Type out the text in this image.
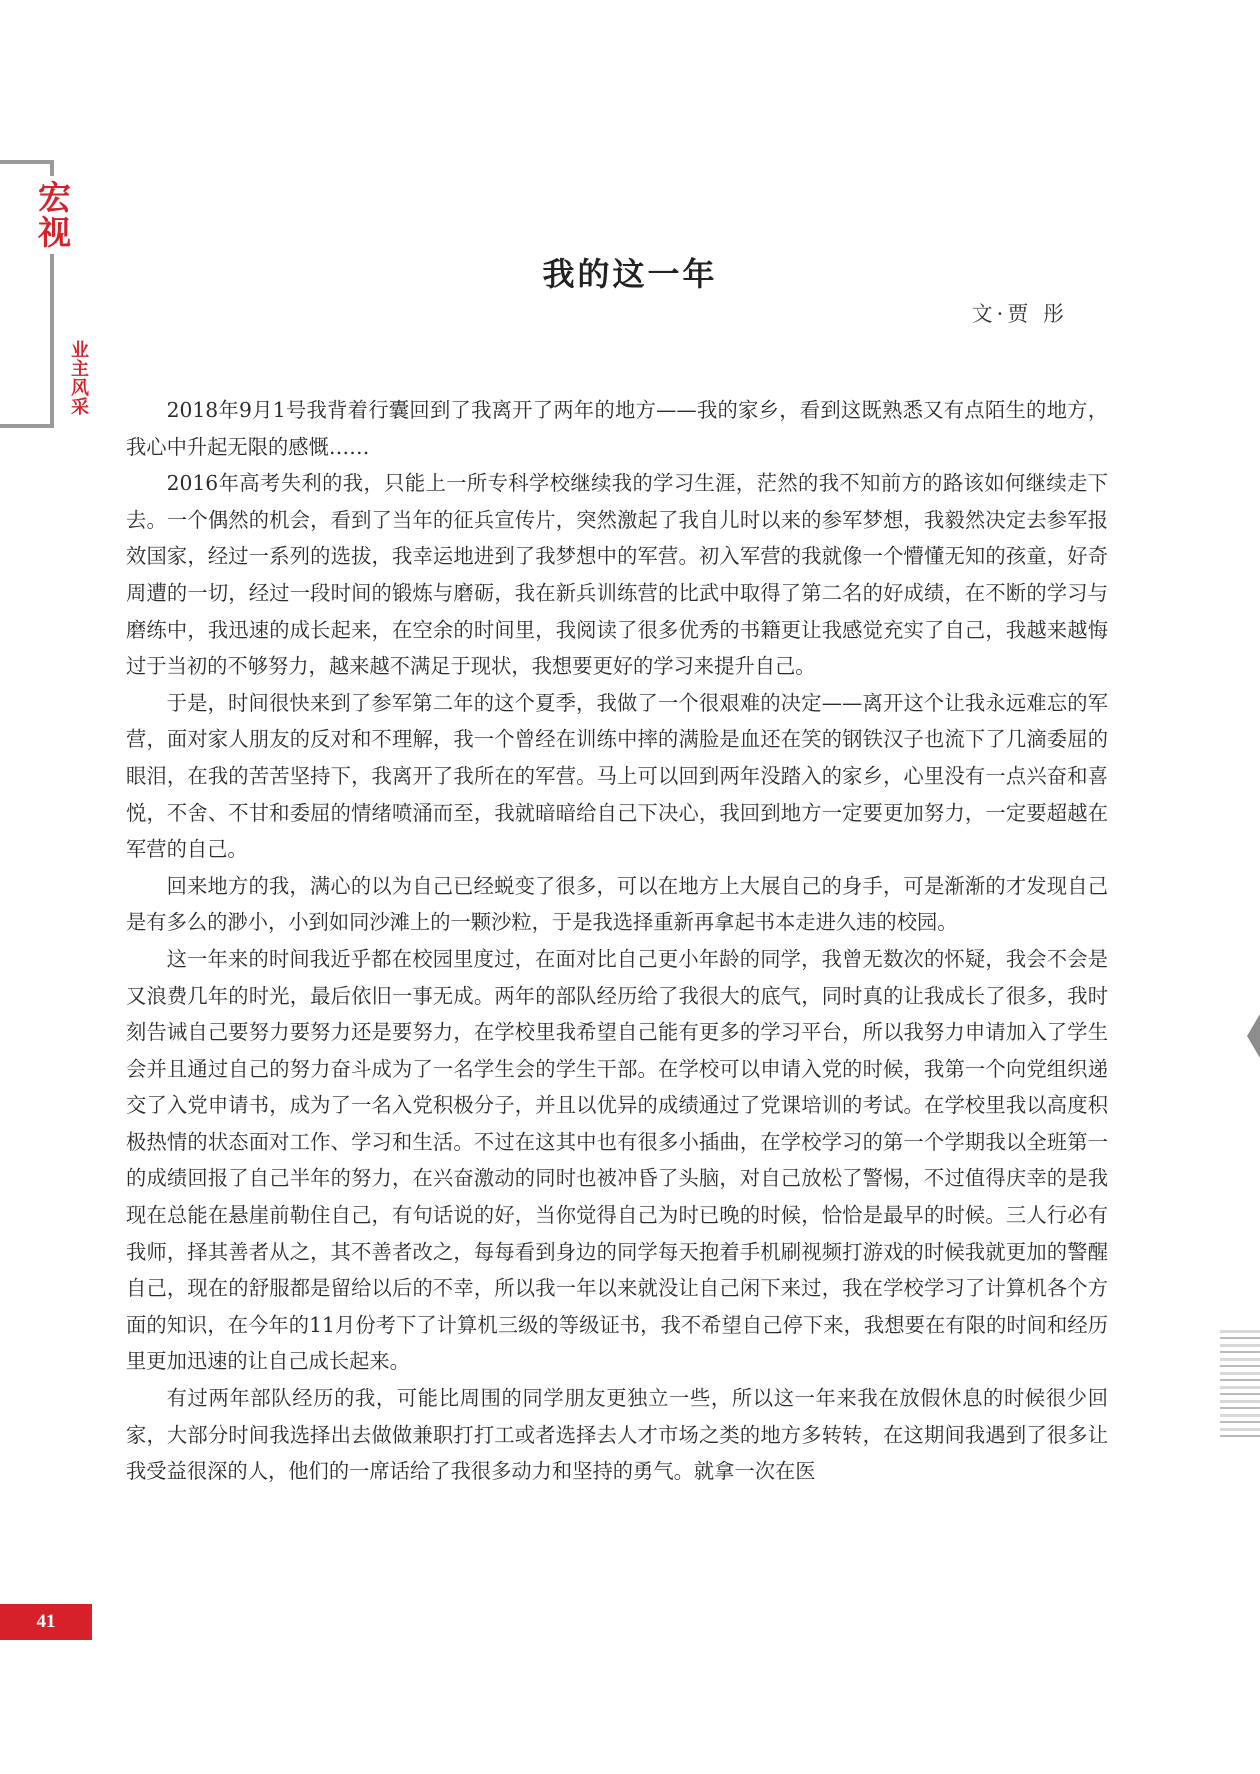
宏视
业主风采
我的这一年
文·贾 彤

2018年9月1号我背着行囊回到了我离开了两年的地方——我的家乡，看到这既熟悉又有点陌生的地方，我心中升起无限的感慨……

2016年高考失利的我，只能上一所专科学校继续我的学习生涯，茫然的我不知前方的路该如何继续走下去。一个偶然的机会，看到了当年的征兵宣传片，突然激起了我自儿时以来的参军梦想，我毅然决定去参军报效国家，经过一系列的选拔，我幸运地进到了我梦想中的军营。初入军营的我就像一个懵懂无知的孩童，好奇周遭的一切，经过一段时间的锻炼与磨砺，我在新兵训练营的比武中取得了第二名的好成绩，在不断的学习与磨练中，我迅速的成长起来，在空余的时间里，我阅读了很多优秀的书籍更让我感觉充实了自己，我越来越悔过于当初的不够努力，越来越不满足于现状，我想要更好的学习来提升自己。

于是，时间很快来到了参军第二年的这个夏季，我做了一个很艰难的决定——离开这个让我永远难忘的军营，面对家人朋友的反对和不理解，我一个曾经在训练中摔的满脸是血还在笑的钢铁汉子也流下了几滴委屈的眼泪，在我的苦苦坚持下，我离开了我所在的军营。马上可以回到两年没踏入的家乡，心里没有一点兴奋和喜悦，不舍、不甘和委屈的情绪喷涌而至，我就暗暗给自己下决心，我回到地方一定要更加努力，一定要超越在军营的自己。

回来地方的我，满心的以为自己已经蜕变了很多，可以在地方上大展自己的身手，可是渐渐的才发现自己是有多么的渺小，小到如同沙滩上的一颗沙粒，于是我选择重新再拿起书本走进久违的校园。

这一年来的时间我近乎都在校园里度过，在面对比自己更小年龄的同学，我曾无数次的怀疑，我会不会是又浪费几年的时光，最后依旧一事无成。两年的部队经历给了我很大的底气，同时真的让我成长了很多，我时刻告诫自己要努力要努力还是要努力，在学校里我希望自己能有更多的学习平台，所以我努力申请加入了学生会并且通过自己的努力奋斗成为了一名学生会的学生干部。在学校可以申请入党的时候，我第一个向党组织递交了入党申请书，成为了一名入党积极分子，并且以优异的成绩通过了党课培训的考试。在学校里我以高度积极热情的状态面对工作、学习和生活。不过在这其中也有很多小插曲，在学校学习的第一个学期我以全班第一的成绩回报了自己半年的努力，在兴奋激动的同时也被冲昏了头脑，对自己放松了警惕，不过值得庆幸的是我现在总能在悬崖前勒住自己，有句话说的好，当你觉得自己为时已晚的时候，恰恰是最早的时候。三人行必有我师，择其善者从之，其不善者改之，每每看到身边的同学每天抱着手机刷视频打游戏的时候我就更加的警醒自己，现在的舒服都是留给以后的不幸，所以我一年以来就没让自己闲下来过，我在学校学习了计算机各个方面的知识，在今年的11月份考下了计算机三级的等级证书，我不希望自己停下来，我想要在有限的时间和经历里更加迅速的让自己成长起来。

有过两年部队经历的我，可能比周围的同学朋友更独立一些，所以这一年来我在放假休息的时候很少回家，大部分时间我选择出去做做兼职打打工或者选择去人才市场之类的地方多转转，在这期间我遇到了很多让我受益很深的人，他们的一席话给了我很多动力和坚持的勇气。就拿一次在医

41
